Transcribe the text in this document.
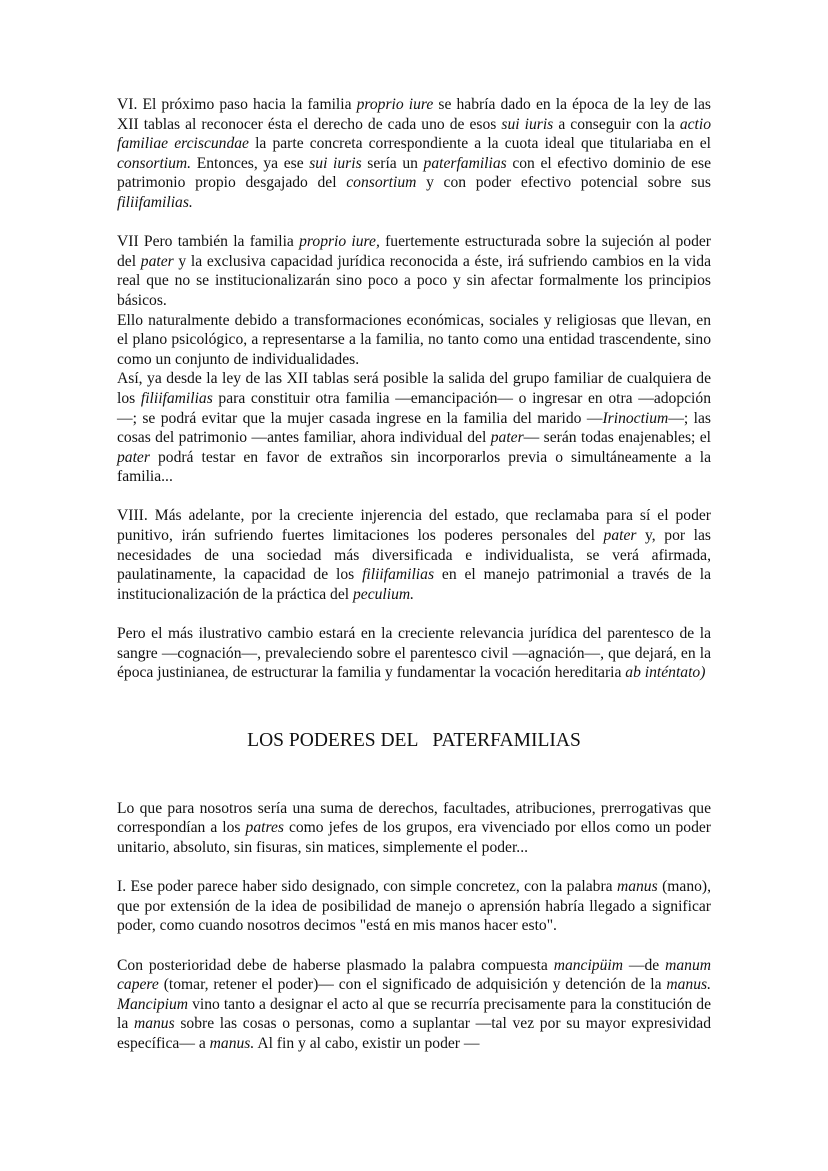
VI. El próximo paso hacia la familia proprio iure se habría dado en la época de la ley de las XII tablas al reconocer ésta el derecho de cada uno de esos sui iuris a conseguir con la actio familiae erciscundae la parte concreta correspondiente a la cuota ideal que titulariaba en el consortium. Entonces, ya ese sui iuris sería un paterfamilias con el efectivo dominio de ese patrimonio propio desgajado del consortium y con poder efectivo potencial sobre sus filiifamilias.

VII Pero también la familia proprio iure, fuertemente estructurada sobre la sujeción al poder del pater y la exclusiva capacidad jurídica reconocida a éste, irá sufriendo cambios en la vida real que no se institucionalizarán sino poco a poco y sin afectar formalmente los principios básicos.

Ello naturalmente debido a transformaciones económicas, sociales y religiosas que llevan, en el plano psicológico, a representarse a la familia, no tanto como una entidad trascendente, sino como un conjunto de individualidades.

Así, ya desde la ley de las XII tablas será posible la salida del grupo familiar de cualquiera de los filiifamilias para constituir otra familia —emancipación— o ingresar en otra —adopción—; se podrá evitar que la mujer casada ingrese en la familia del marido —Irinoctium—; las cosas del patrimonio —antes familiar, ahora individual del pater— serán todas enajenables; el pater podrá testar en favor de extraños sin incorporarlos previa o simultáneamente a la familia...

VIII. Más adelante, por la creciente injerencia del estado, que reclamaba para sí el poder punitivo, irán sufriendo fuertes limitaciones los poderes personales del pater y, por las necesidades de una sociedad más diversificada e individualista, se verá afirmada, paulatinamente, la capacidad de los filiifamilias en el manejo patrimonial a través de la institucionalización de la práctica del peculium.

Pero el más ilustrativo cambio estará en la creciente relevancia jurídica del parentesco de la sangre —cognación—, prevaleciendo sobre el parentesco civil —agnación—, que dejará, en la época justinianea, de estructurar la familia y fundamentar la vocación hereditaria ab inténtato)

LOS PODERES DEL PATERFAMILIAS

Lo que para nosotros sería una suma de derechos, facultades, atribuciones, prerrogativas que correspondían a los patres como jefes de los grupos, era vivenciado por ellos como un poder unitario, absoluto, sin fisuras, sin matices, simplemente el poder...

I. Ese poder parece haber sido designado, con simple concretez, con la palabra manus (mano), que por extensión de la idea de posibilidad de manejo o aprensión habría llegado a significar poder, como cuando nosotros decimos "está en mis manos hacer esto".

Con posterioridad debe de haberse plasmado la palabra compuesta mancipüim —de manum capere (tomar, retener el poder)— con el significado de adquisición y detención de la manus. Mancipium vino tanto a designar el acto al que se recurría precisamente para la constitución de la manus sobre las cosas o personas, como a suplantar —tal vez por su mayor expresividad específica— a manus. Al fin y al cabo, existir un poder —
